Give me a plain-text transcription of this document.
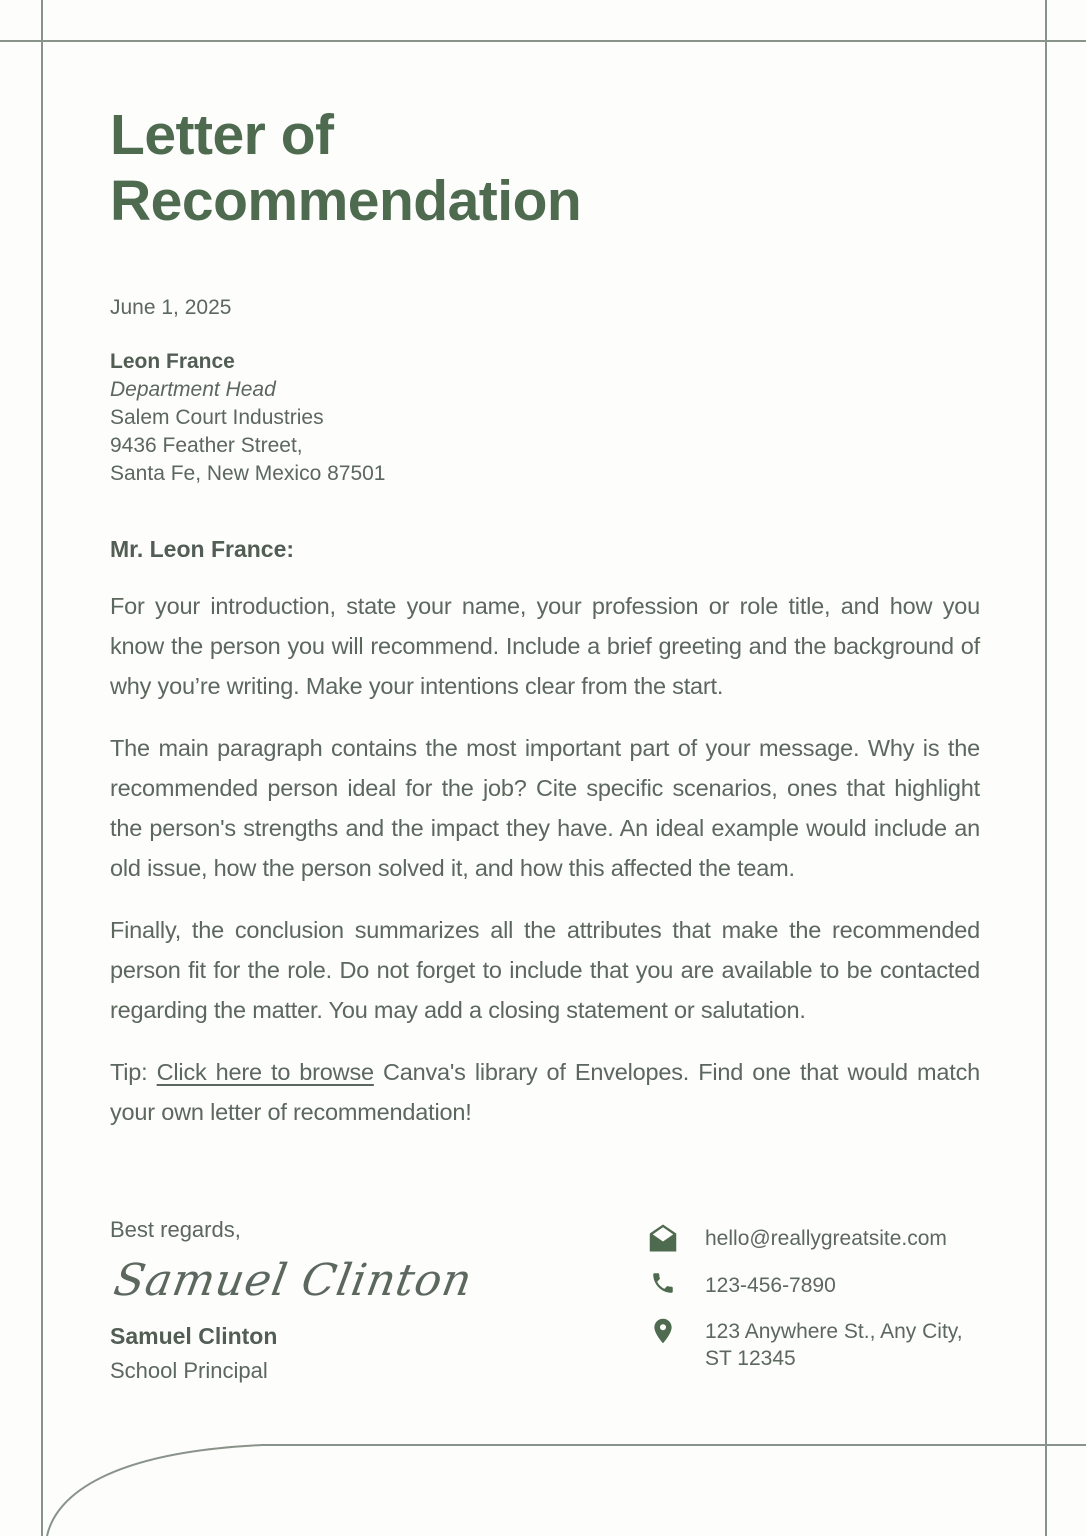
Letter of
Recommendation
June 1, 2025
Leon France
Department Head
Salem Court Industries
9436 Feather Street,
Santa Fe, New Mexico 87501
Mr. Leon France:

For your introduction, state your name, your profession or role title, and how you know the person you will recommend. Include a brief greeting and the background of why you’re writing. Make your intentions clear from the start.

The main paragraph contains the most important part of your message. Why is the recommended person ideal for the job? Cite specific scenarios, ones that highlight the person's strengths and the impact they have. An ideal example would include an old issue, how the person solved it, and how this affected the team.

Finally, the conclusion summarizes all the attributes that make the recommended person fit for the role. Do not forget to include that you are available to be contacted regarding the matter. You may add a closing statement or salutation.

Tip: Click here to browse Canva's library of Envelopes. Find one that would match your own letter of recommendation!

Best regards,
Samuel Clinton
Samuel Clinton
School Principal
hello@reallygreatsite.com
123-456-7890
123 Anywhere St., Any City,
ST 12345
